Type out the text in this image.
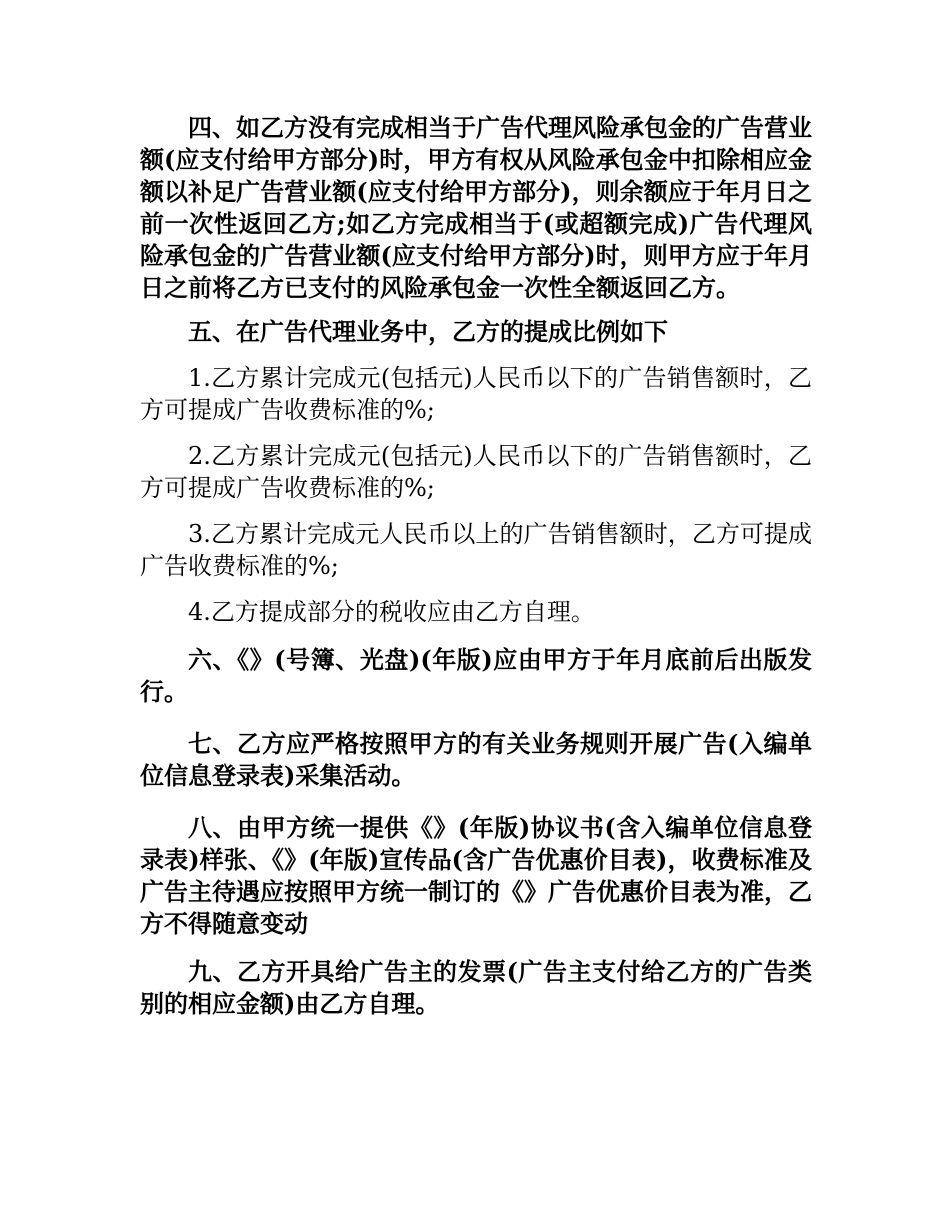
四、如乙方没有完成相当于广告代理风险承包金的广告营业额(应支付给甲方部分)时，甲方有权从风险承包金中扣除相应金额以补足广告营业额(应支付给甲方部分)，则余额应于年月日之前一次性返回乙方;如乙方完成相当于(或超额完成)广告代理风险承包金的广告营业额(应支付给甲方部分)时，则甲方应于年月日之前将乙方已支付的风险承包金一次性全额返回乙方。

五、在广告代理业务中，乙方的提成比例如下

1.乙方累计完成元(包括元)人民币以下的广告销售额时，乙方可提成广告收费标准的%;

2.乙方累计完成元(包括元)人民币以下的广告销售额时，乙方可提成广告收费标准的%;

3.乙方累计完成元人民币以上的广告销售额时，乙方可提成广告收费标准的%;

4.乙方提成部分的税收应由乙方自理。

六、《》(号簿、光盘)(年版)应由甲方于年月底前后出版发行。

七、乙方应严格按照甲方的有关业务规则开展广告(入编单位信息登录表)采集活动。

八、由甲方统一提供《》(年版)协议书(含入编单位信息登录表)样张、《》(年版)宣传品(含广告优惠价目表)，收费标准及广告主待遇应按照甲方统一制订的《》广告优惠价目表为准，乙方不得随意变动

九、乙方开具给广告主的发票(广告主支付给乙方的广告类别的相应金额)由乙方自理。
